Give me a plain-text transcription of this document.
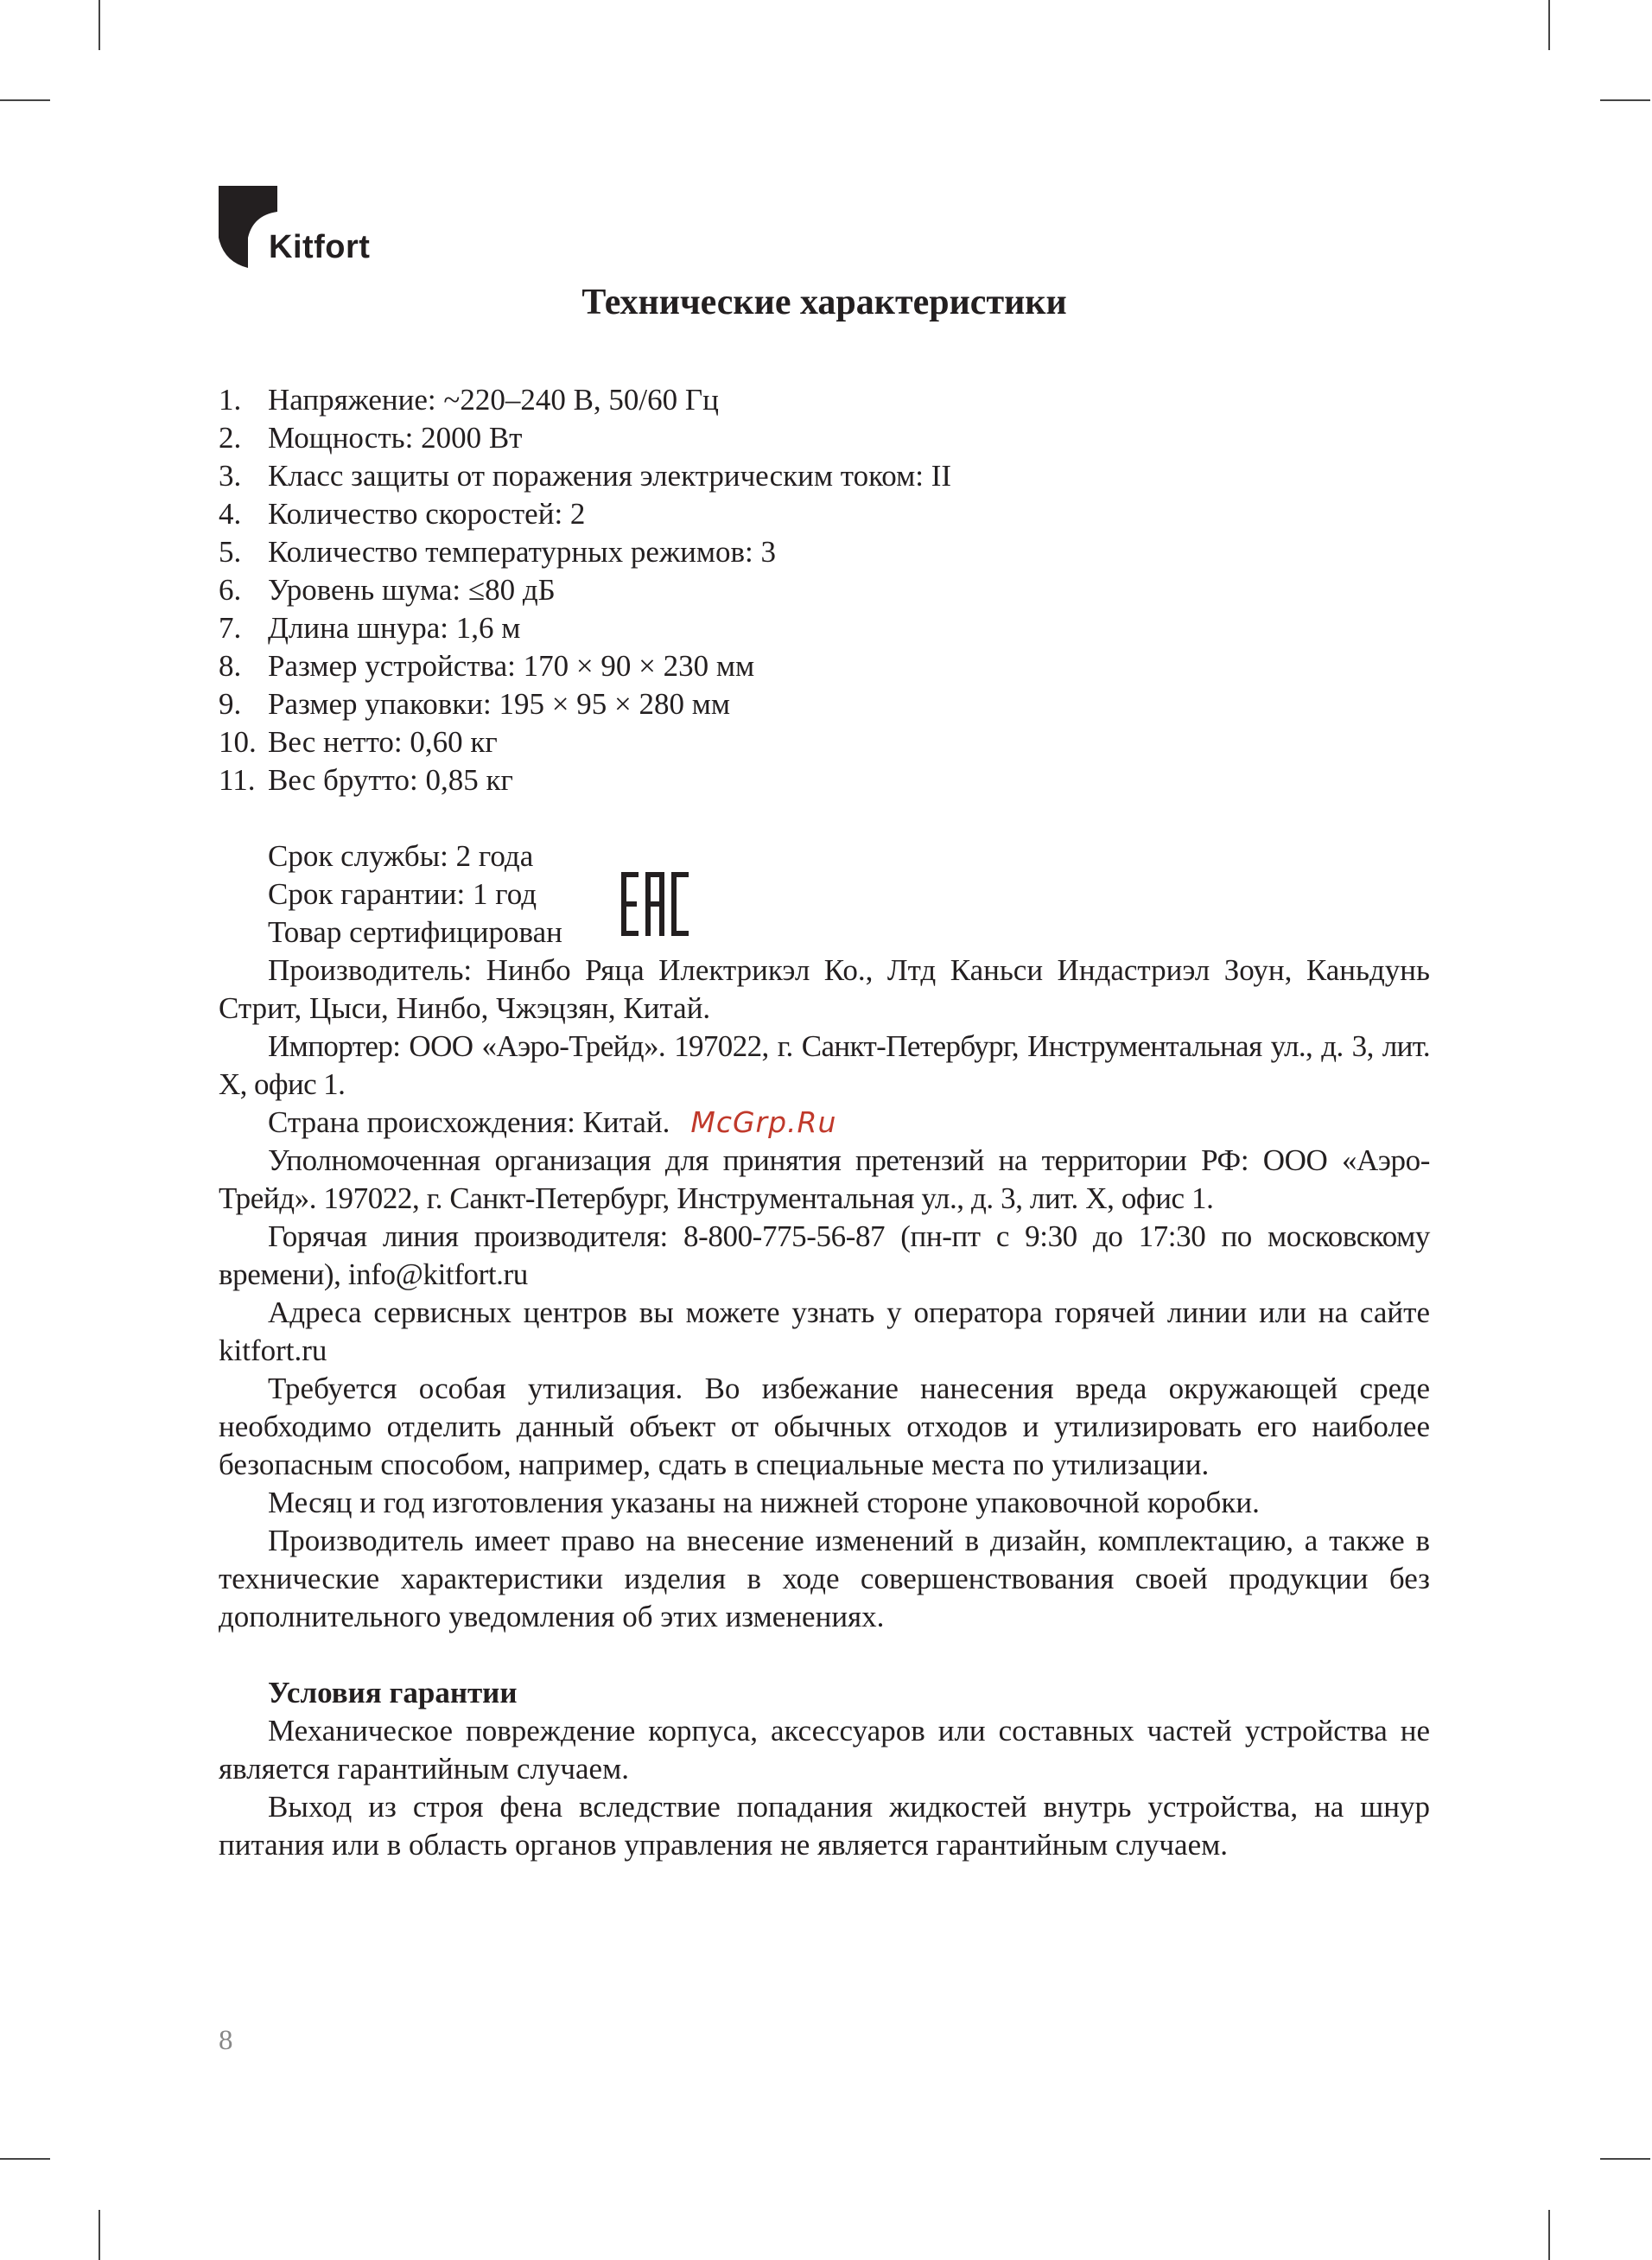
Kitfort
Технические характеристики
1. Напряжение: ~220–240 В, 50/60 Гц
2. Мощность: 2000 Вт
3. Класс защиты от поражения электрическим током: II
4. Количество скоростей: 2
5. Количество температурных режимов: 3
6. Уровень шума: ≤80 дБ
7. Длина шнура: 1,6 м
8. Размер устройства: 170 × 90 × 230 мм
9. Размер упаковки: 195 × 95 × 280 мм
10. Вес нетто: 0,60 кг
11. Вес брутто: 0,85 кг

Срок службы: 2 года

Срок гарантии: 1 год

Товар сертифицирован

Производитель: Нинбо Ряца Илектрикэл Ко., Лтд Каньси Индастриэл Зоун, Каньдунь Стрит, Цыси, Нинбо, Чжэцзян, Китай.

Импортер: ООО «Аэро-Трейд». 197022, г. Санкт-Петербург, Инструментальная ул., д. 3, лит. Х, офис 1.

Страна происхождения: Китай. McGrp.Ru

Уполномоченная организация для принятия претензий на территории РФ: ООО «Аэро-Трейд». 197022, г. Санкт-Петербург, Инструментальная ул., д. 3, лит. Х, офис 1.

Горячая линия производителя: 8-800-775-56-87 (пн-пт с 9:30 до 17:30 по московскому времени), info@kitfort.ru

Адреса сервисных центров вы можете узнать у оператора горячей линии или на сайте kitfort.ru

Требуется особая утилизация. Во избежание нанесения вреда окружающей среде необходимо отделить данный объект от обычных отходов и утилизировать его наиболее безопасным способом, например, сдать в специальные места по утилизации.

Месяц и год изготовления указаны на нижней стороне упаковочной коробки.

Производитель имеет право на внесение изменений в дизайн, комплектацию, а также в технические характеристики изделия в ходе совершенствования своей продукции без дополнительного уведомления об этих изменениях.

Условия гарантии

Механическое повреждение корпуса, аксессуаров или составных частей устройства не является гарантийным случаем.

Выход из строя фена вследствие попадания жидкостей внутрь устройства, на шнур питания или в область органов управления не является гарантийным случаем.

8
